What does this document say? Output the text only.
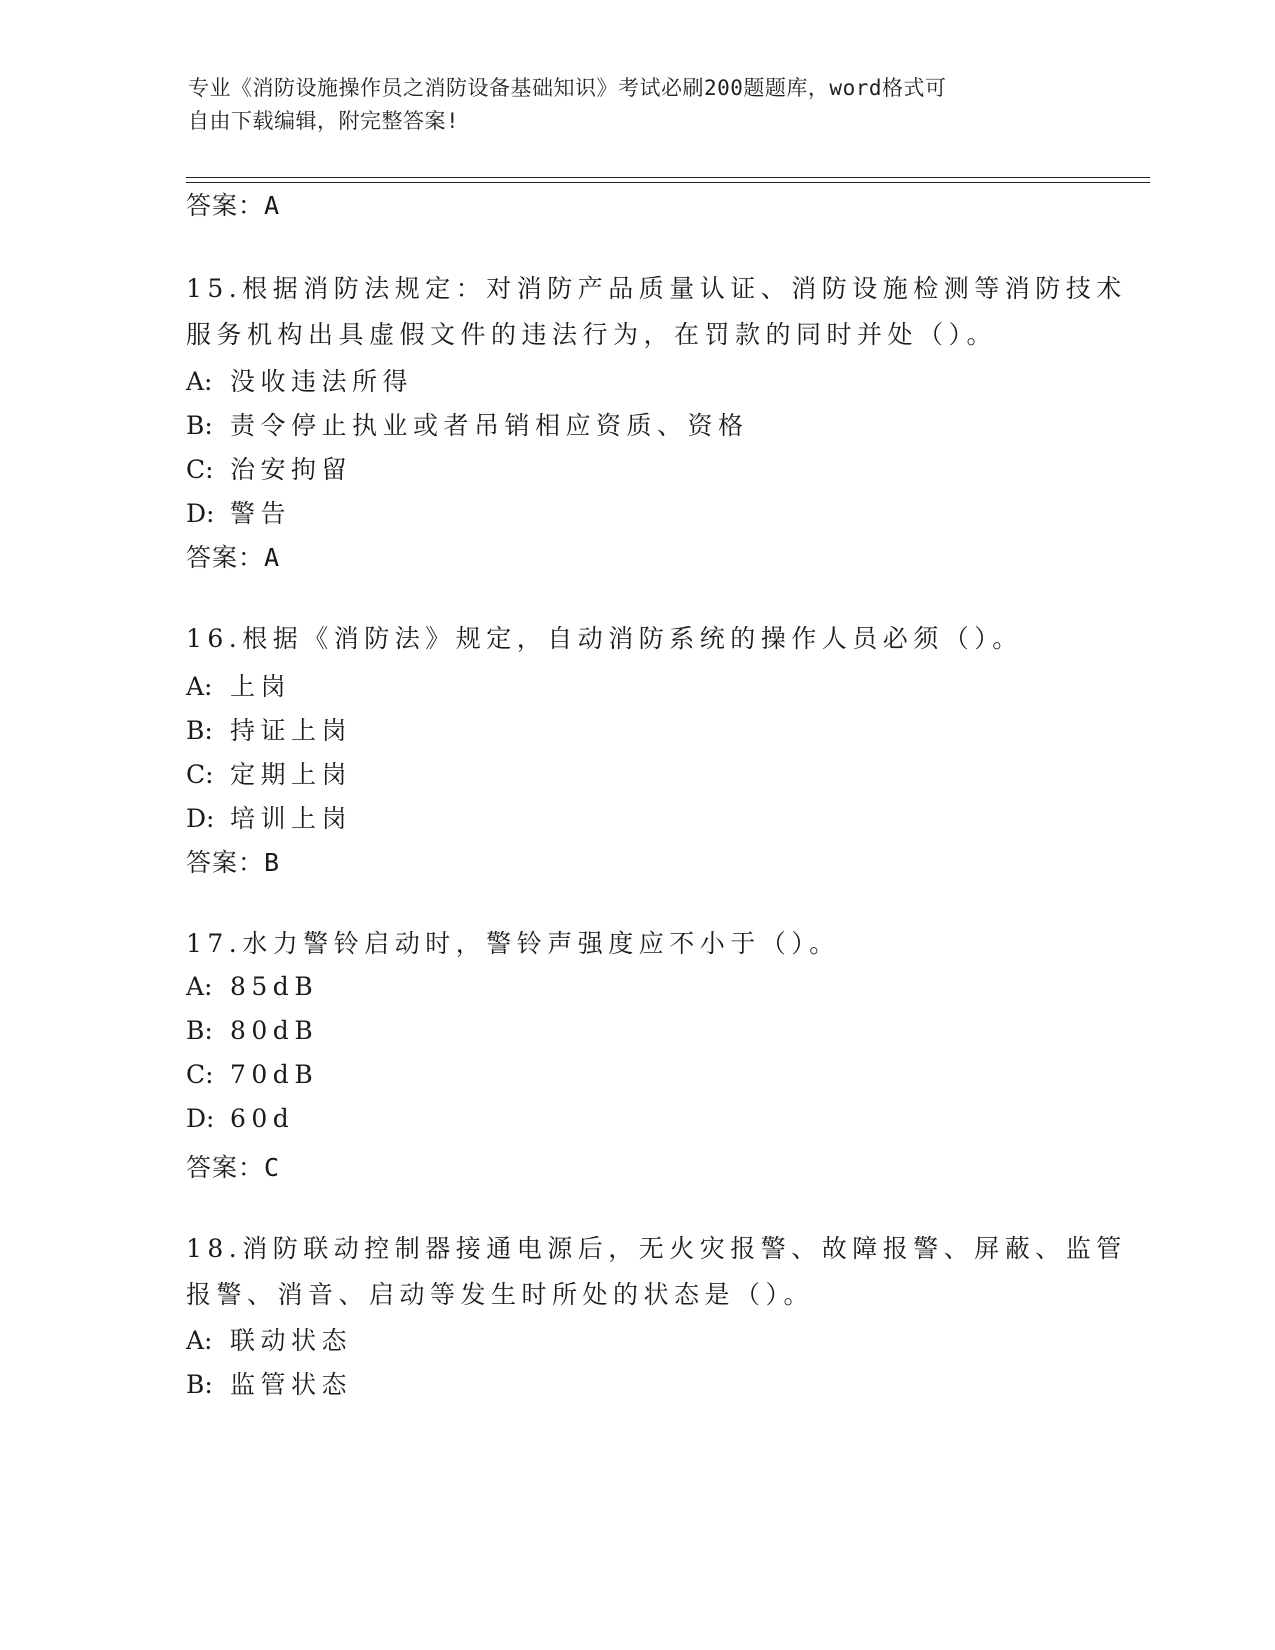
专业《消防设施操作员之消防设备基础知识》考试必刷200题题库，word格式可
自由下载编辑，附完整答案!
答案：A
15.根据消防法规定：对消防产品质量认证、消防设施检测等消防技术
服务机构出具虚假文件的违法行为，在罚款的同时并处（）。
A: 没收违法所得
B: 责令停止执业或者吊销相应资质、资格
C: 治安拘留
D: 警告
答案：A
16.根据《消防法》规定，自动消防系统的操作人员必须（）。
A: 上岗
B: 持证上岗
C: 定期上岗
D: 培训上岗
答案：B
17.水力警铃启动时，警铃声强度应不小于（）。
A: 85dB
B: 80dB
C: 70dB
D: 60d
答案：C
18.消防联动控制器接通电源后，无火灾报警、故障报警、屏蔽、监管
报警、消音、启动等发生时所处的状态是（）。
A: 联动状态
B: 监管状态
